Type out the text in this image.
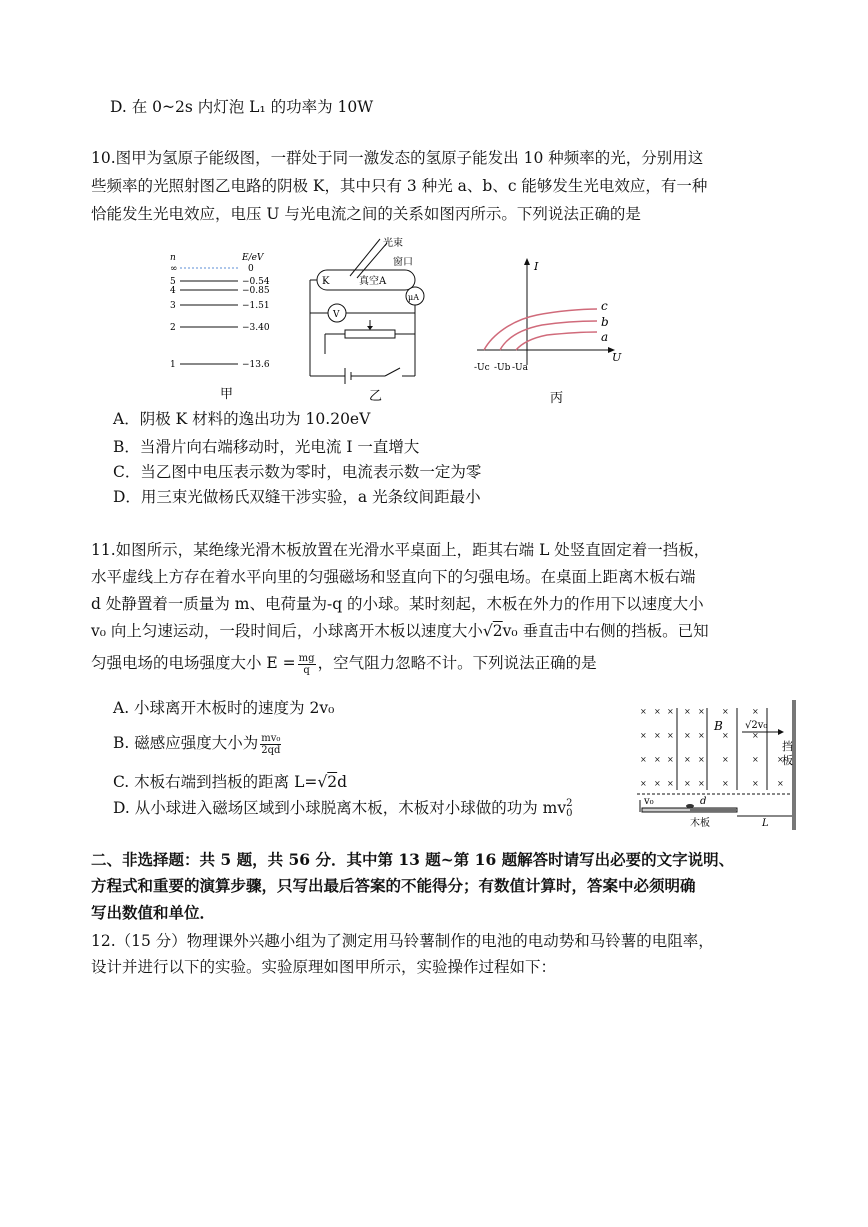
D. 在 0~2s 内灯泡 L₁ 的功率为 10W
10.图甲为氢原子能级图，一群处于同一激发态的氢原子能发出 10 种频率的光，分别用这
些频率的光照射图乙电路的阴极 K，其中只有 3 种光 a、b、c 能够发生光电效应，有一种
恰能发生光电效应，电压 U 与光电流之间的关系如图丙所示。下列说法正确的是
n	E/eV
∞
5
4
3
2
1
0
−0.54
−0.85
−1.51
−3.40
−13.6
甲
光束
窗口
K	真空A
μA
V
乙
I
U
c
b
a
-Uc -Ub -Ua
丙
A．阴极 K 材料的逸出功为 10.20eV
B．当滑片向右端移动时，光电流 I 一直增大
C．当乙图中电压表示数为零时，电流表示数一定为零
D．用三束光做杨氏双缝干涉实验，a 光条纹间距最小
11.如图所示，某绝缘光滑木板放置在光滑水平桌面上，距其右端 L 处竖直固定着一挡板，
水平虚线上方存在着水平向里的匀强磁场和竖直向下的匀强电场。在桌面上距离木板右端
d 处静置着一质量为 m、电荷量为-q 的小球。某时刻起，木板在外力的作用下以速度大小
v₀ 向上匀速运动，一段时间后，小球离开木板以速度大小√2v₀ 垂直击中右侧的挡板。已知
匀强电场的电场强度大小 $E = \frac{mg}{q}$ ，空气阻力忽略不计。下列说法正确的是
A. 小球离开木板时的速度为 2v₀
B. 磁感应强度大小为 $\frac{\text{mv₀}}{2qd}$
C. 木板右端到挡板的距离 L=√2d
D. 从小球进入磁场区域到小球脱离木板，木板对小球做的功为 mv 2
0
× × × × × ×	×
× × × × × ×	×
× × × × × ×	× ×
× × × × × ×	× ×
B √2v₀
挡
板
v₀	d
木板	L
二、非选择题：共 5 题，共 56 分．其中第 13 题~第 16 题解答时请写出必要的文字说明、
方程式和重要的演算步骤，只写出最后答案的不能得分；有数值计算时，答案中必须明确
写出数值和单位．
12.（15 分）物理课外兴趣小组为了测定用马铃薯制作的电池的电动势和马铃薯的电阻率，
设计并进行以下的实验。实验原理如图甲所示，实验操作过程如下：
